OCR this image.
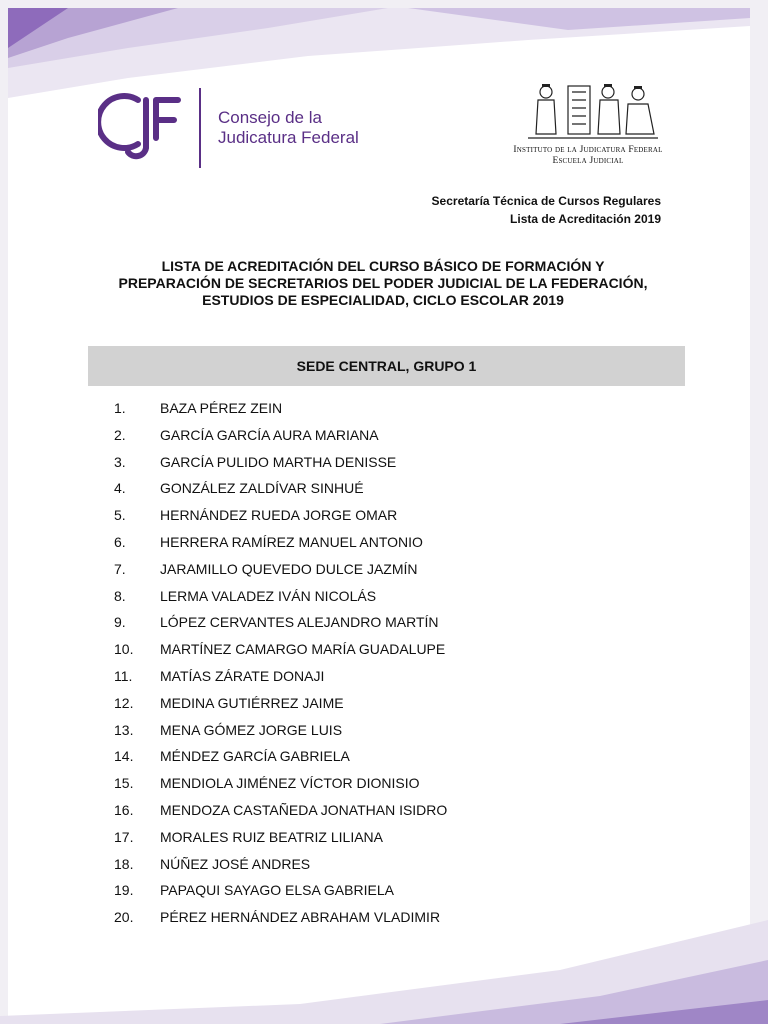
Consejo de la
Judicatura Federal
Instituto de la Judicatura Federal
Escuela Judicial
Secretaría Técnica de Cursos Regulares
Lista de Acreditación 2019
LISTA DE ACREDITACIÓN DEL CURSO BÁSICO DE FORMACIÓN Y
PREPARACIÓN DE SECRETARIOS DEL PODER JUDICIAL DE LA FEDERACIÓN,
ESTUDIOS DE ESPECIALIDAD, CICLO ESCOLAR 2019
SEDE CENTRAL, GRUPO 1
1.	BAZA PÉREZ ZEIN
2.	GARCÍA GARCÍA AURA MARIANA
3.	GARCÍA PULIDO MARTHA DENISSE
4.	GONZÁLEZ ZALDÍVAR SINHUÉ
5.	HERNÁNDEZ RUEDA JORGE OMAR
6.	HERRERA RAMÍREZ MANUEL ANTONIO
7.	JARAMILLO QUEVEDO DULCE JAZMÍN
8.	LERMA VALADEZ IVÁN NICOLÁS
9.	LÓPEZ CERVANTES ALEJANDRO MARTÍN
10.	MARTÍNEZ CAMARGO MARÍA GUADALUPE
11.	MATÍAS ZÁRATE DONAJI
12.	MEDINA GUTIÉRREZ JAIME
13.	MENA GÓMEZ JORGE LUIS
14.	MÉNDEZ GARCÍA GABRIELA
15.	MENDIOLA JIMÉNEZ VÍCTOR DIONISIO
16.	MENDOZA CASTAÑEDA JONATHAN ISIDRO
17.	MORALES RUIZ BEATRIZ LILIANA
18.	NÚÑEZ JOSÉ ANDRES
19.	PAPAQUI SAYAGO ELSA GABRIELA
20.	PÉREZ HERNÁNDEZ ABRAHAM VLADIMIR
